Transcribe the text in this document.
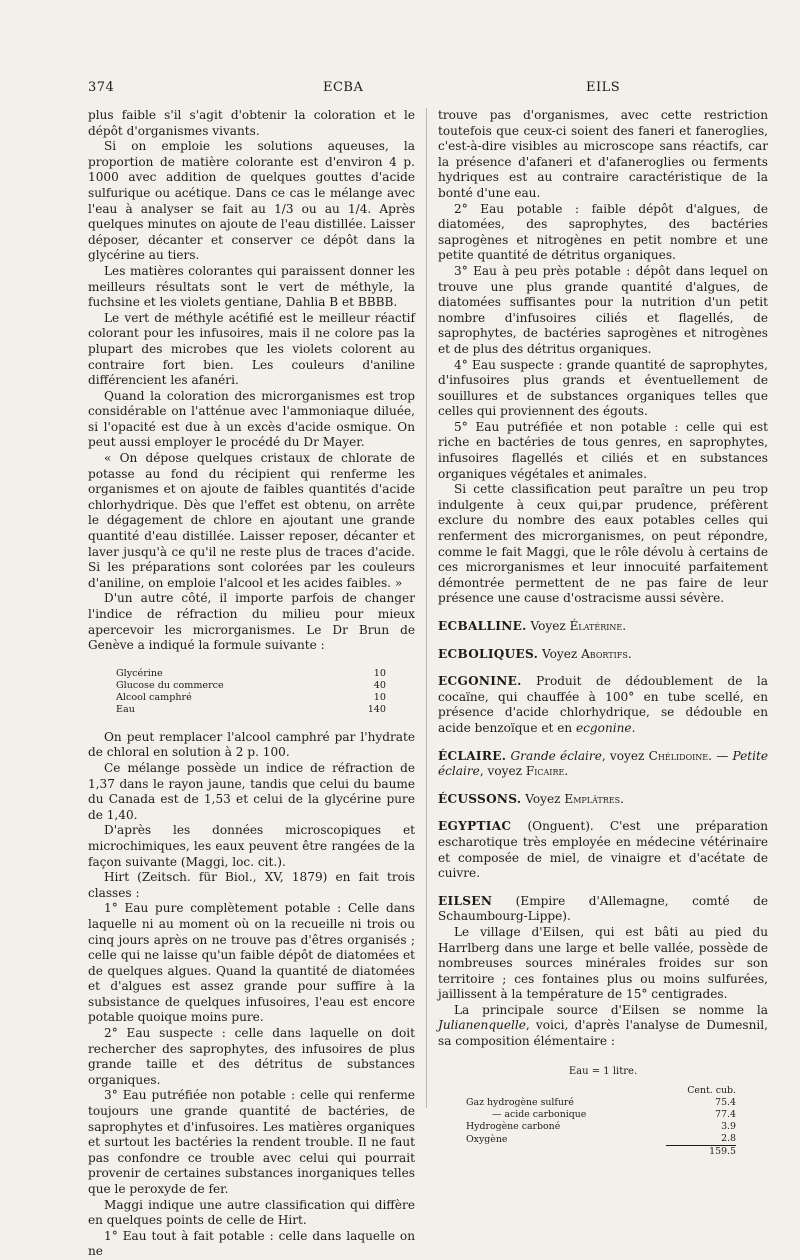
374	ECBA	EILS

plus faible s'il s'agit d'obtenir la coloration et le dépôt d'organismes vivants.

Si on emploie les solutions aqueuses, la proportion de matière colorante est d'environ 4 p. 1000 avec addition de quelques gouttes d'acide sulfurique ou acétique. Dans ce cas le mélange avec l'eau à analyser se fait au 1/3 ou au 1/4. Après quelques minutes on ajoute de l'eau distillée. Laisser déposer, décanter et conserver ce dépôt dans la glycérine au tiers.

Les matières colorantes qui paraissent donner les meilleurs résultats sont le vert de méthyle, la fuchsine et les violets gentiane, Dahlia B et BBBB.

Le vert de méthyle acétifié est le meilleur réactif colorant pour les infusoires, mais il ne colore pas la plupart des microbes que les violets colorent au contraire fort bien. Les couleurs d'aniline différencient les afanéri.

Quand la coloration des microrganismes est trop considérable on l'atténue avec l'ammoniaque diluée, si l'opacité est due à un excès d'acide osmique. On peut aussi employer le procédé du Dr Mayer.

« On dépose quelques cristaux de chlorate de potasse au fond du récipient qui renferme les organismes et on ajoute de faibles quantités d'acide chlorhydrique. Dès que l'effet est obtenu, on arrête le dégagement de chlore en ajoutant une grande quantité d'eau distillée. Laisser reposer, décanter et laver jusqu'à ce qu'il ne reste plus de traces d'acide. Si les préparations sont colorées par les couleurs d'aniline, on emploie l'alcool et les acides faibles. »

D'un autre côté, il importe parfois de changer l'indice de réfraction du milieu pour mieux apercevoir les microrganismes. Le Dr Brun de Genève a indiqué la formule suivante :

Glycérine	10
Glucose du commerce	40
Alcool camphré	10
Eau	140

On peut remplacer l'alcool camphré par l'hydrate de chloral en solution à 2 p. 100.

Ce mélange possède un indice de réfraction de 1,37 dans le rayon jaune, tandis que celui du baume du Canada est de 1,53 et celui de la glycérine pure de 1,40.

D'après les données microscopiques et microchimiques, les eaux peuvent être rangées de la façon suivante (Maggi, loc. cit.).

Hirt (Zeitsch. für Biol., XV, 1879) en fait trois classes :

1° Eau pure complètement potable : Celle dans laquelle ni au moment où on la recueille ni trois ou cinq jours après on ne trouve pas d'êtres organisés ; celle qui ne laisse qu'un faible dépôt de diatomées et de quelques algues. Quand la quantité de diatomées et d'algues est assez grande pour suffire à la subsistance de quelques infusoires, l'eau est encore potable quoique moins pure.

2° Eau suspecte : celle dans laquelle on doit rechercher des saprophytes, des infusoires de plus grande taille et des détritus de substances organiques.

3° Eau putréfiée non potable : celle qui renferme toujours une grande quantité de bactéries, de saprophytes et d'infusoires. Les matières organiques et surtout les bactéries la rendent trouble. Il ne faut pas confondre ce trouble avec celui qui pourrait provenir de certaines substances inorganiques telles que le peroxyde de fer.

Maggi indique une autre classification qui diffère en quelques points de celle de Hirt.

1° Eau tout à fait potable : celle dans laquelle on ne

trouve pas d'organismes, avec cette restriction toutefois que ceux-ci soient des faneri et faneroglies, c'est-à-dire visibles au microscope sans réactifs, car la présence d'afaneri et d'afaneroglies ou ferments hydriques est au contraire caractéristique de la bonté d'une eau.

2° Eau potable : faible dépôt d'algues, de diatomées, des saprophytes, des bactéries saprogènes et nitrogènes en petit nombre et une petite quantité de détritus organiques.

3° Eau à peu près potable : dépôt dans lequel on trouve une plus grande quantité d'algues, de diatomées suffisantes pour la nutrition d'un petit nombre d'infusoires ciliés et flagellés, de saprophytes, de bactéries saprogènes et nitrogènes et de plus des détritus organiques.

4° Eau suspecte : grande quantité de saprophytes, d'infusoires plus grands et éventuellement de souillures et de substances organiques telles que celles qui proviennent des égouts.

5° Eau putréfiée et non potable : celle qui est riche en bactéries de tous genres, en saprophytes, infusoires flagellés et ciliés et en substances organiques végétales et animales.

Si cette classification peut paraître un peu trop indulgente à ceux qui,par prudence, préfèrent exclure du nombre des eaux potables celles qui renferment des microrganismes, on peut répondre, comme le fait Maggi, que le rôle dévolu à certains de ces microrganismes et leur innocuité parfaitement démontrée permettent de ne pas faire de leur présence une cause d'ostracisme aussi sévère.

ECBALLINE. Voyez Élatérine.

ECBOLIQUES. Voyez Abortifs.

ECGONINE. Produit de dédoublement de la cocaïne, qui chauffée à 100° en tube scellé, en présence d'acide chlorhydrique, se dédouble en acide benzoïque et en ecgonine.

ÉCLAIRE. Grande éclaire, voyez Chélidoine. — Petite éclaire, voyez Ficaire.

ÉCUSSONS. Voyez Emplâtres.

EGYPTIAC (Onguent). C'est une préparation escharotique très employée en médecine vétérinaire et composée de miel, de vinaigre et d'acétate de cuivre.

EILSEN (Empire d'Allemagne, comté de Schaumbourg-Lippe).

Le village d'Eilsen, qui est bâti au pied du Harrlberg dans une large et belle vallée, possède de nombreuses sources minérales froides sur son territoire ; ces fontaines plus ou moins sulfurées, jaillissent à la température de 15° centigrades.

La principale source d'Eilsen se nomme la Julianenquelle, voici, d'après l'analyse de Dumesnil, sa composition élémentaire :

Eau = 1 litre.
	Cent. cub.
Gaz hydrogène sulfuré	75.4
— acide carbonique	77.4
Hydrogène carboné	3.9
Oxygène	2.8
	159.5
